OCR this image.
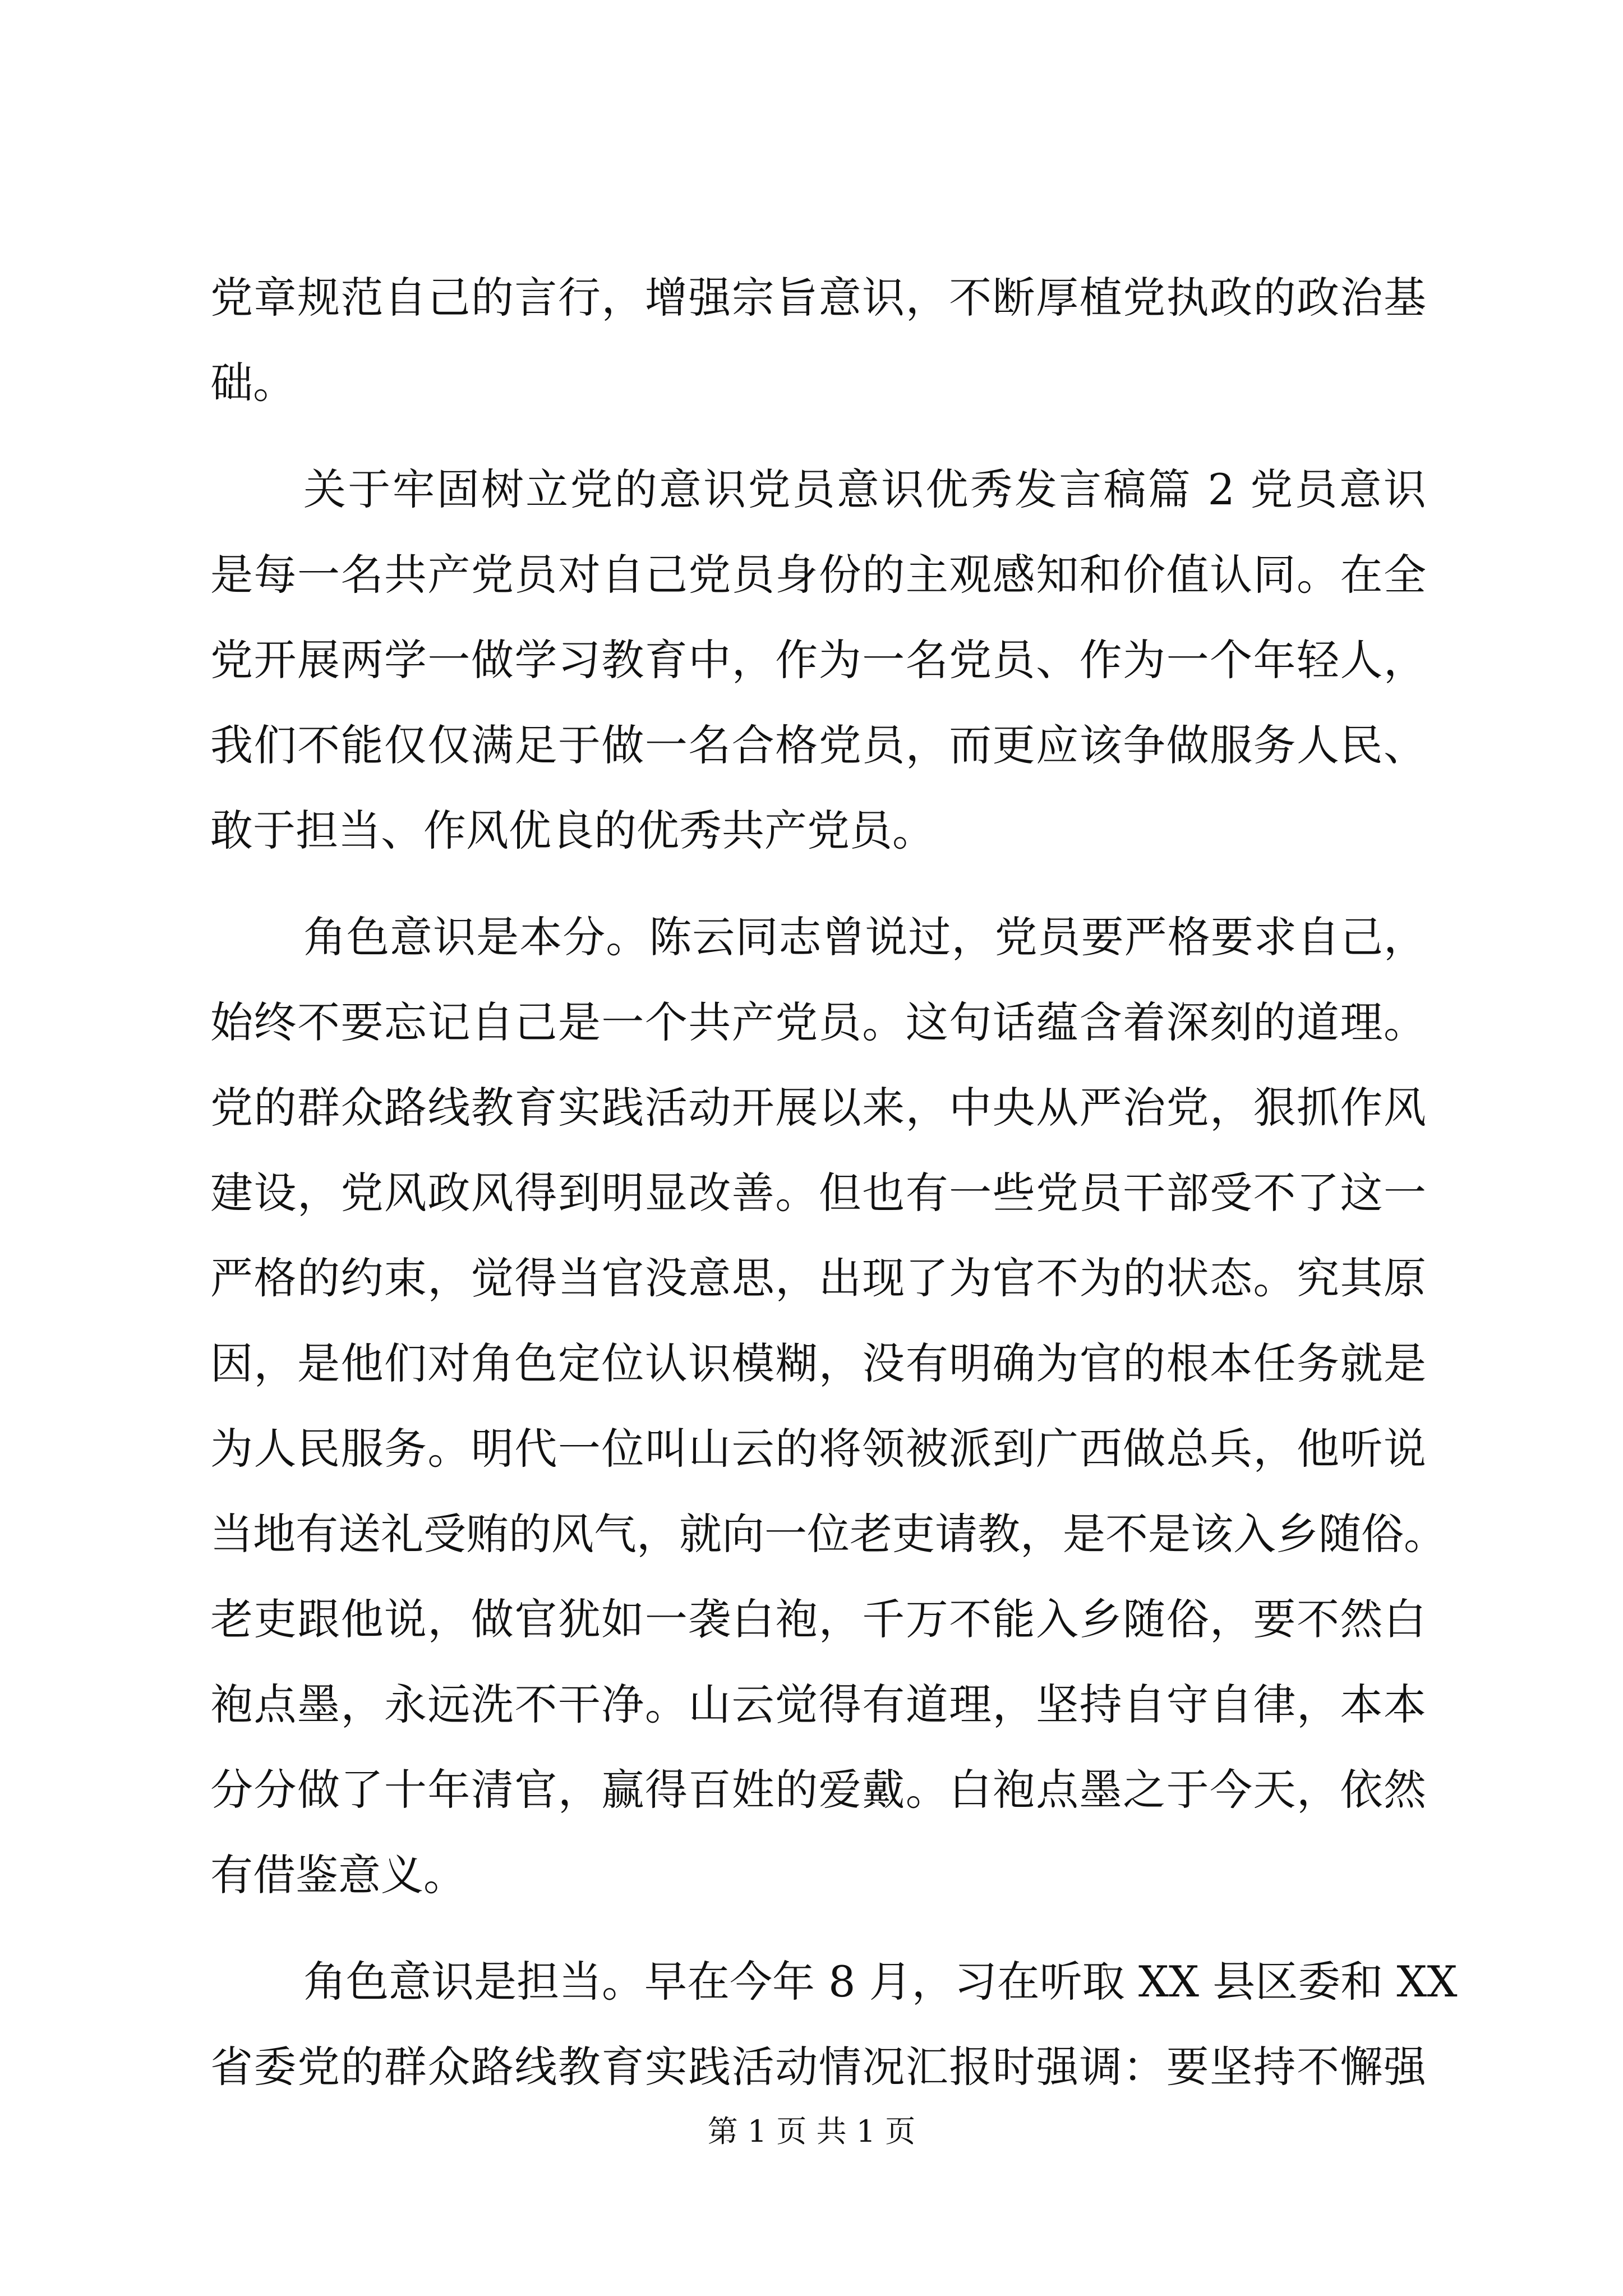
党章规范自己的言行，增强宗旨意识，不断厚植党执政的政治基
础。
关于牢固树立党的意识党员意识优秀发言稿篇 2 党员意识
是每一名共产党员对自己党员身份的主观感知和价值认同。在全
党开展两学一做学习教育中，作为一名党员、作为一个年轻人，
我们不能仅仅满足于做一名合格党员，而更应该争做服务人民、
敢于担当、作风优良的优秀共产党员。
角色意识是本分。陈云同志曾说过，党员要严格要求自己，
始终不要忘记自己是一个共产党员。这句话蕴含着深刻的道理。
党的群众路线教育实践活动开展以来，中央从严治党，狠抓作风
建设，党风政风得到明显改善。但也有一些党员干部受不了这一
严格的约束，觉得当官没意思，出现了为官不为的状态。究其原
因，是他们对角色定位认识模糊，没有明确为官的根本任务就是
为人民服务。明代一位叫山云的将领被派到广西做总兵，他听说
当地有送礼受贿的风气，就向一位老吏请教，是不是该入乡随俗。
老吏跟他说，做官犹如一袭白袍，千万不能入乡随俗，要不然白
袍点墨，永远洗不干净。山云觉得有道理，坚持自守自律，本本
分分做了十年清官，赢得百姓的爱戴。白袍点墨之于今天，依然
有借鉴意义。
角色意识是担当。早在今年 8 月，习在听取 XX 县区委和 XX
省委党的群众路线教育实践活动情况汇报时强调：要坚持不懈强
第 1 页 共 1 页
